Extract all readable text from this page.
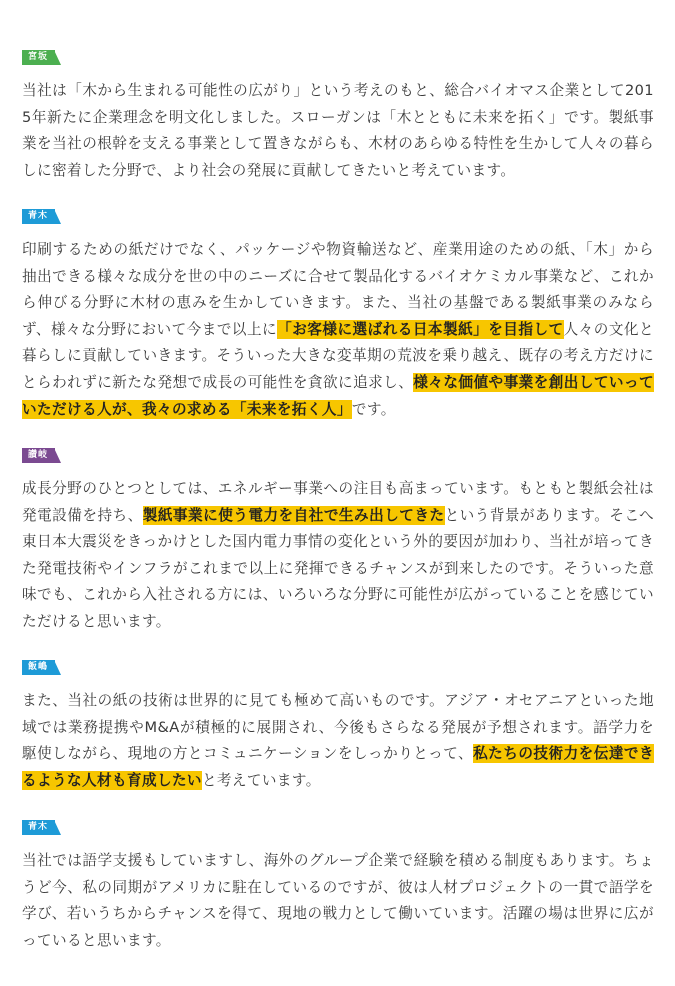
宮坂
当社は「木から生まれる可能性の広がり」という考えのもと、総合バイオマス企業として2015年新たに企業理念を明文化しました。スローガンは「木とともに未来を拓く」です。製紙事業を当社の根幹を支える事業として置きながらも、木材のあらゆる特性を生かして人々の暮らしに密着した分野で、より社会の発展に貢献してきたいと考えています。
青木
印刷するための紙だけでなく、パッケージや物資輸送など、産業用途のための紙、「木」から抽出できる様々な成分を世の中のニーズに合せて製品化するバイオケミカル事業など、これから伸びる分野に木材の恵みを生かしていきます。また、当社の基盤である製紙事業のみならず、様々な分野において今まで以上に「お客様に選ばれる日本製紙」を目指して人々の文化と暮らしに貢献していきます。そういった大きな変革期の荒波を乗り越え、既存の考え方だけにとらわれずに新たな発想で成長の可能性を貪欲に追求し、様々な価値や事業を創出していっていただける人が、我々の求める「未来を拓く人」です。
讃岐
成長分野のひとつとしては、エネルギー事業への注目も高まっています。もともと製紙会社は発電設備を持ち、製紙事業に使う電力を自社で生み出してきたという背景があります。そこへ東日本大震災をきっかけとした国内電力事情の変化という外的要因が加わり、当社が培ってきた発電技術やインフラがこれまで以上に発揮できるチャンスが到来したのです。そういった意味でも、これから入社される方には、いろいろな分野に可能性が広がっていることを感じていただけると思います。
飯嶋
また、当社の紙の技術は世界的に見ても極めて高いものです。アジア・オセアニアといった地域では業務提携やM&Aが積極的に展開され、今後もさらなる発展が予想されます。語学力を駆使しながら、現地の方とコミュニケーションをしっかりとって、私たちの技術力を伝達できるような人材も育成したいと考えています。
青木
当社では語学支援もしていますし、海外のグループ企業で経験を積める制度もあります。ちょうど今、私の同期がアメリカに駐在しているのですが、彼は人材プロジェクトの一貫で語学を学び、若いうちからチャンスを得て、現地の戦力として働いています。活躍の場は世界に広がっていると思います。
